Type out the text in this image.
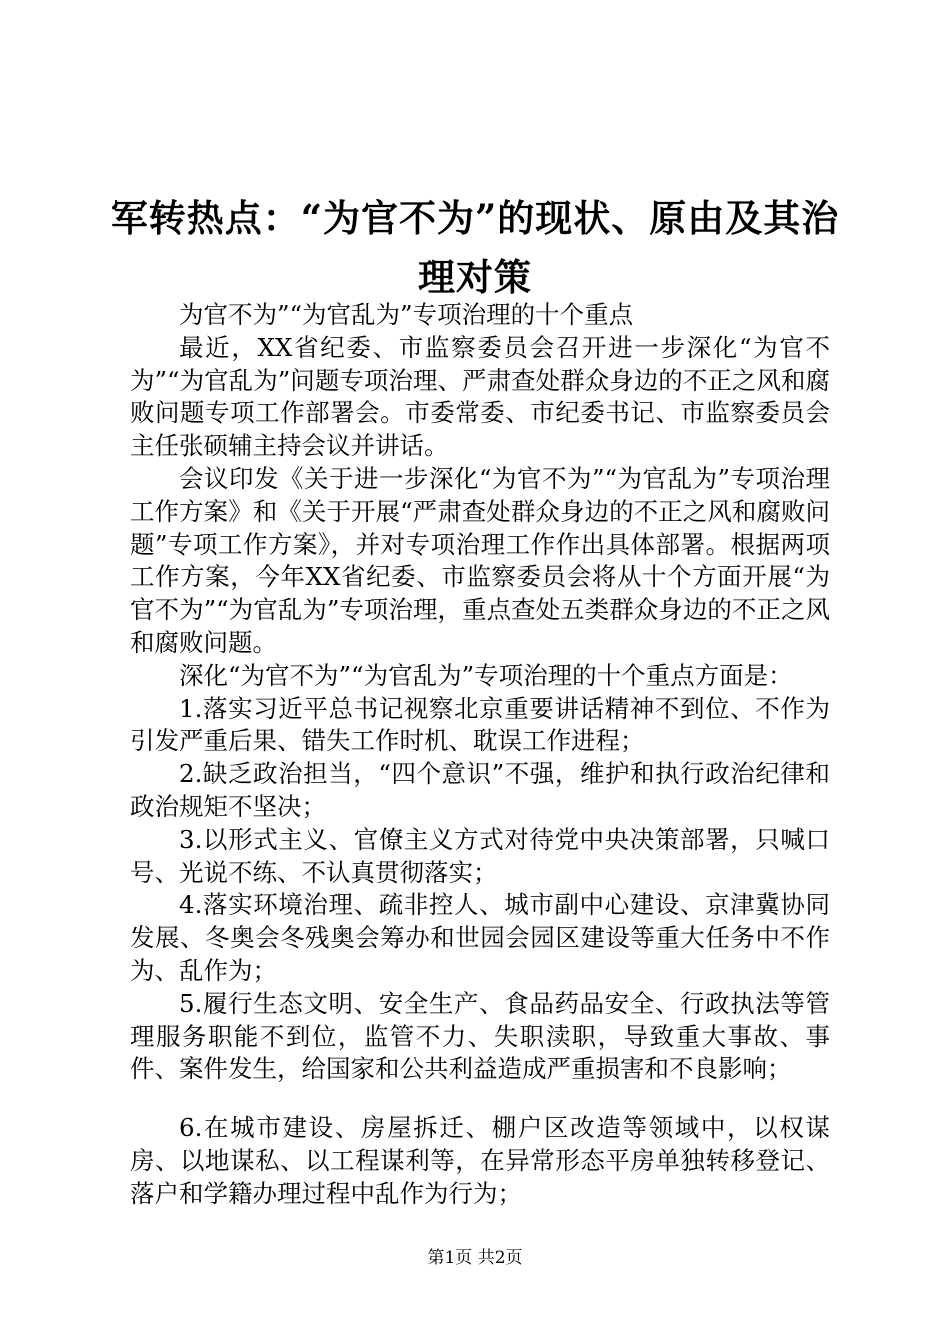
军转热点：“为官不为”的现状、原由及其治
理对策

为官不为”“为官乱为”专项治理的十个重点

最近，XX省纪委、市监察委员会召开进一步深化“为官不为”“为官乱为”问题专项治理、严肃查处群众身边的不正之风和腐败问题专项工作部署会。市委常委、市纪委书记、市监察委员会主任张硕辅主持会议并讲话。

会议印发《关于进一步深化“为官不为”“为官乱为”专项治理工作方案》和《关于开展“严肃查处群众身边的不正之风和腐败问题”专项工作方案》，并对专项治理工作作出具体部署。根据两项工作方案，今年XX省纪委、市监察委员会将从十个方面开展“为官不为”“为官乱为”专项治理，重点查处五类群众身边的不正之风和腐败问题。

深化“为官不为”“为官乱为”专项治理的十个重点方面是：

1.落实习近平总书记视察北京重要讲话精神不到位、不作为引发严重后果、错失工作时机、耽误工作进程；

2.缺乏政治担当，“四个意识”不强，维护和执行政治纪律和政治规矩不坚决；

3.以形式主义、官僚主义方式对待党中央决策部署，只喊口号、光说不练、不认真贯彻落实；

4.落实环境治理、疏非控人、城市副中心建设、京津冀协同发展、冬奥会冬残奥会筹办和世园会园区建设等重大任务中不作为、乱作为；

5.履行生态文明、安全生产、食品药品安全、行政执法等管理服务职能不到位，监管不力、失职渎职，导致重大事故、事件、案件发生，给国家和公共利益造成严重损害和不良影响；

6.在城市建设、房屋拆迁、棚户区改造等领域中，以权谋房、以地谋私、以工程谋利等，在异常形态平房单独转移登记、落户和学籍办理过程中乱作为行为；

第1页 共2页
